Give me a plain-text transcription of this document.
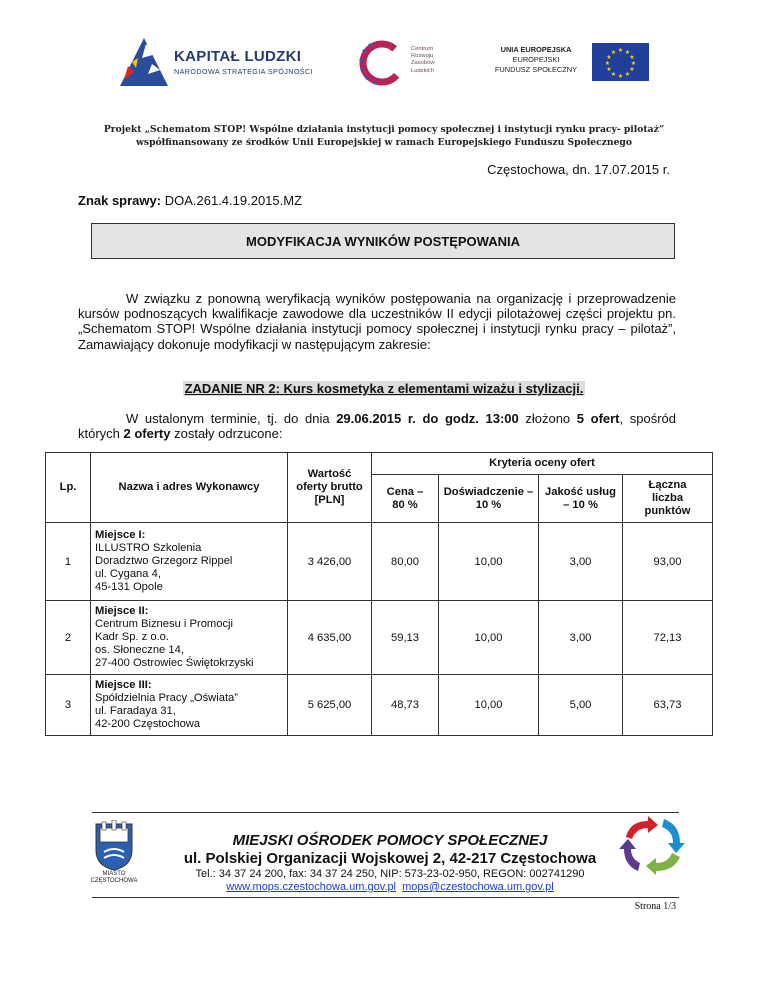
KAPITAŁ LUDZKI
NARODOWA STRATEGIA SPÓJNOŚCI
Centrum
Rozwoju
Zasobów
Ludzkich
UNIA EUROPEJSKA
EUROPEJSKI
FUNDUSZ SPOŁECZNY
★ ★
★
★
★
★
★
★
★
★
★
★
Projekt „Schematom STOP! Wspólne działania instytucji pomocy społecznej i instytucji rynku pracy- pilotaż”
współfinansowany ze środków Unii Europejskiej w ramach Europejskiego Funduszu Społecznego
Częstochowa, dn. 17.07.2015 r.
Znak sprawy: DOA.261.4.19.2015.MZ
MODYFIKACJA WYNIKÓW POSTĘPOWANIA
W związku z ponowną weryfikacją wyników postępowania na organizację i przeprowadzenie kursów podnoszących kwalifikacje zawodowe dla uczestników II edycji pilotażowej części projektu pn. „Schematom STOP! Wspólne działania instytucji pomocy społecznej i instytucji rynku pracy – pilotaż”, Zamawiający dokonuje modyfikacji w następującym zakresie:
ZADANIE NR 2: Kurs kosmetyka z elementami wizażu i stylizacji.
W ustalonym terminie, tj. do dnia 29.06.2015 r. do godz. 13:00 złożono 5 ofert, spośród których 2 oferty zostały odrzucone:
Lp.	Nazwa i adres Wykonawcy	Wartość oferty brutto [PLN]	Kryteria oceny ofert			

			Cena – 80 %	Doświadczenie – 10 %	Jakość usług – 10 %	Łączna liczba punktów

1	Miejsce I:
ILLUSTRO Szkolenia
Doradztwo Grzegorz Rippel
ul. Cygana 4,
45-131 Opole	3 426,00	80,00	10,00	3,00	93,00
2	Miejsce II:
Centrum Biznesu i Promocji
Kadr Sp. z o.o.
os. Słoneczne 14,
27-400 Ostrowiec Świętokrzyski	4 635,00	59,13	10,00	3,00	72,13
3	Miejsce III:
Spółdzielnia Pracy „Oświata”
ul. Faradaya 31,
42-200 Częstochowa	5 625,00	48,73	10,00	5,00	63,73
MIASTO CZĘSTOCHOWA
MIEJSKI OŚRODEK POMOCY SPOŁECZNEJ
ul. Polskiej Organizacji Wojskowej 2, 42-217 Częstochowa
Tel.: 34 37 24 200, fax: 34 37 24 250, NIP: 573-23-02-950, REGON: 002741290
www.mops.czestochowa.um.gov.pl mops@czestochowa.um.gov.pl
Strona 1/3
